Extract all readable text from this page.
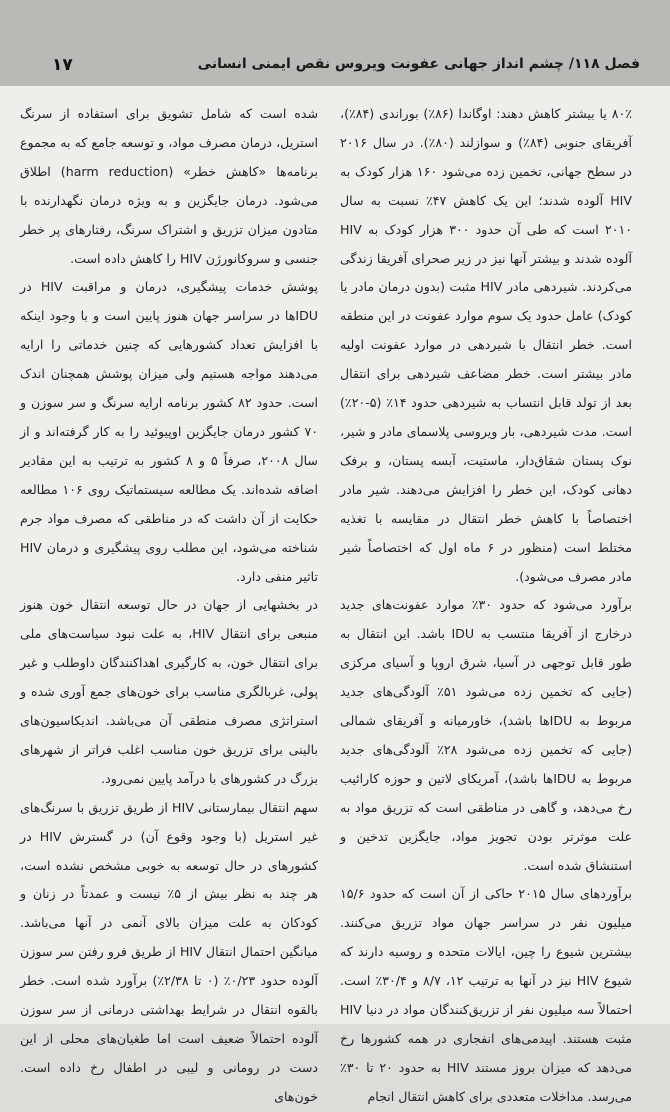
فصل ۱۱۸/ چشم انداز جهانی عفونت ویروس نقص ایمنی انسانی
۱۷

۸۰٪ یا بیشتر کاهش دهند: اوگاندا (۸۶٪) بوراندی (۸۴٪)، آفریقای جنوبی (۸۴٪) و سوازلند (۸۰٪). در سال ۲۰۱۶ در سطح جهانی، تخمین زده می‌شود ۱۶۰ هزار کودک به HIV آلوده شدند؛ این یک کاهش ۴۷٪ نسبت به سال ۲۰۱۰ است که طی آن حدود ۳۰۰ هزار کودک به HIV آلوده شدند و بیشتر آنها نیز در زیر صحرای آفریقا زندگی می‌کردند. شیردهی مادر HIV مثبت (بدون درمان مادر یا کودک) عامل حدود یک سوم موارد عفونت در این منطقه است. خطر انتقال با شیردهی در موارد عفونت اولیه مادر بیشتر است. خطر مضاعف شیردهی برای انتقال بعد از تولد قابل انتساب به شیردهی حدود ۱۴٪ (۵-۲۰٪) است. مدت شیردهی، بار ویروسی پلاسمای مادر و شیر، نوک پستان شقاق‌دار، ماستیت، آبسه پستان، و برفک دهانی کودک، این خطر را افزایش می‌دهند. شیر مادر اختصاصاً با کاهش خطر انتقال در مقایسه با تغذیه مختلط است (منظور در ۶ ماه اول که اختصاصاً شیر مادر مصرف می‌شود).

برآورد می‌شود که حدود ۳۰٪ موارد عفونت‌های جدید درخارج از آفریقا منتسب به IDU باشد. این انتقال به طور قابل توجهی در آسیا، شرق اروپا و آسیای مرکزی (جایی که تخمین زده می‌شود ۵۱٪ آلودگی‌های جدید مربوط به IDUها باشد)، خاورمیانه و آفریقای شمالی (جایی که تخمین زده می‌شود ۲۸٪ آلودگی‌های جدید مربوط به IDUها باشد)، آمریکای لاتین و حوزه کارائیب رخ می‌دهد، و گاهی در مناطقی است که تزریق مواد به علت موثرتر بودن تجویز مواد، جایگزین تدخین و استنشاق شده است.

برآوردهای سال ۲۰۱۵ حاکی از آن است که حدود ۱۵/۶ میلیون نفر در سراسر جهان مواد تزریق می‌کنند. بیشترین شیوع را چین، ایالات متحده و روسیه دارند که شیوع HIV نیز در آنها به ترتیب ۱۲، ۸/۷ و ۳۰/۴٪ است. احتمالاً سه میلیون نفر از تزریق‌کنندگان مواد در دنیا HIV مثبت هستند. اپیدمی‌های انفجاری در همه کشورها رخ می‌دهد که میزان بروز مستند HIV به حدود ۲۰ تا ۳۰٪ می‌رسد. مداخلات متعددی برای کاهش انتقال انجام

شده است که شامل تشویق برای استفاده از سرنگ استریل، درمان مصرف مواد، و توسعه جامع که به مجموع برنامه‌ها «کاهش خطر» (harm reduction) اطلاق می‌شود. درمان جایگزین و به ویژه درمان نگهدارنده با متادون میزان تزریق و اشتراک سرنگ، رفتارهای پر خطر جنسی و سروکانورژن HIV را کاهش داده است.

پوشش خدمات پیشگیری، درمان و مراقبت HIV در IDUها در سراسر جهان هنوز پایین است و با وجود اینکه با افزایش تعداد کشورهایی که چنین خدماتی را ارایه می‌دهند مواجه هستیم ولی میزان پوشش همچنان اندک است. حدود ۸۲ کشور برنامه ارایه سرنگ و سر سوزن و ۷۰ کشور درمان جایگزین اوپیوئید را به کار گرفته‌اند و از سال ۲۰۰۸، صرفاً ۵ و ۸ کشور به ترتیب به این مقادیر اضافه شده‌اند. یک مطالعه سیستماتیک روی ۱۰۶ مطالعه حکایت از آن داشت که در مناطقی که مصرف مواد جرم شناخته می‌شود، این مطلب روی پیشگیری و درمان HIV تاثیر منفی دارد.

در بخشهایی از جهان در حال توسعه انتقال خون هنوز منبعی برای انتقال HIV، به علت نبود سیاست‌های ملی برای انتقال خون، به کارگیری اهداکنندگان داوطلب و غیر پولی، غربالگری مناسب برای خون‌های جمع آوری شده و استراتژی مصرف منطقی آن می‌باشد. اندیکاسیون‌های بالینی برای تزریق خون مناسب اغلب فراتر از شهرهای بزرگ در کشورهای با درآمد پایین نمی‌رود.

سهم انتقال بیمارستانی HIV از طریق تزریق با سرنگ‌های غیر استریل (با وجود وقوع آن) در گسترش HIV در کشورهای در حال توسعه به خوبی مشخص نشده است، هر چند به نظر بیش از ۵٪ نیست و عمدتاً در زنان و کودکان به علت میزان بالای آنمی در آنها می‌باشد. میانگین احتمال انتقال HIV از طریق فرو رفتن سر سوزن آلوده حدود ۰/۲۳٪ (۰ تا ۲/۳۸٪) برآورد شده است. خطر بالقوه انتقال در شرایط بهداشتی درمانی از سر سوزن آلوده احتمالاً ضعیف است اما طغیان‌های محلی از این دست در رومانی و لیبی در اطفال رخ داده است. خون‌های
